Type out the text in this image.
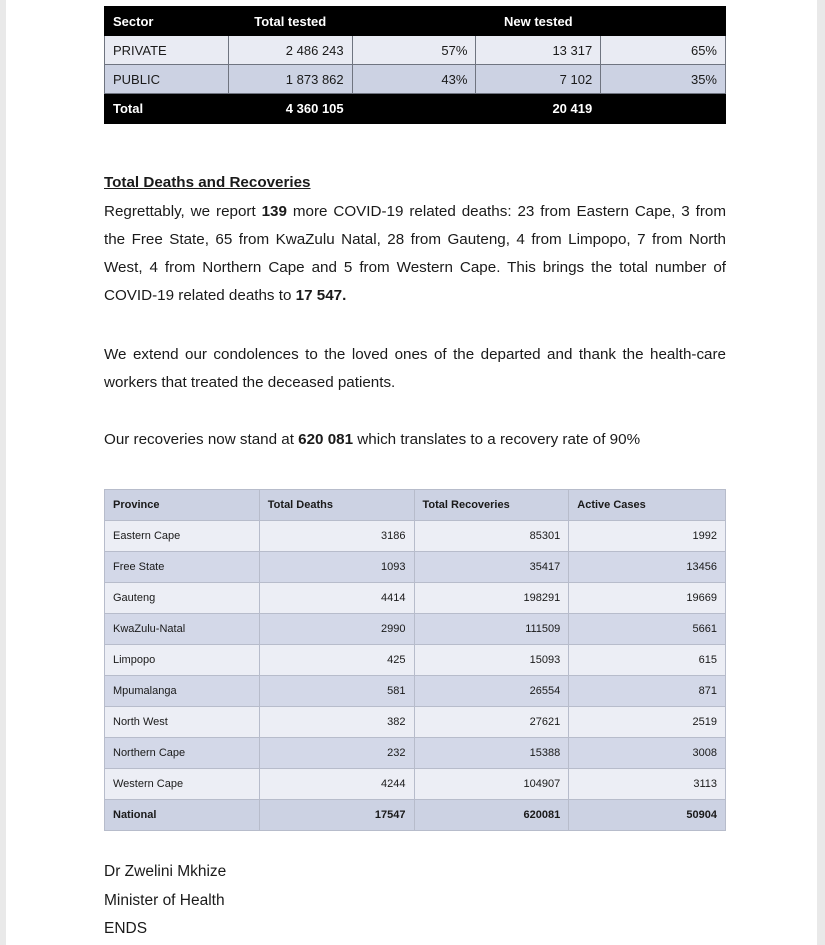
Sector	Total tested		New tested	
PRIVATE	2 486 243	57%	13 317	65%
PUBLIC	1 873 862	43%	7 102	35%
Total	4 360 105		20 419	
Total Deaths and Recoveries
Regrettably, we report 139 more COVID-19 related deaths: 23 from Eastern Cape, 3 from the Free State, 65 from KwaZulu Natal, 28 from Gauteng, 4 from Limpopo, 7 from North West, 4 from Northern Cape and 5 from Western Cape. This brings the total number of COVID-19 related deaths to 17 547.
We extend our condolences to the loved ones of the departed and thank the health-care workers that treated the deceased patients.
Our recoveries now stand at 620 081 which translates to a recovery rate of 90%
Province	Total Deaths	Total Recoveries	Active Cases
Eastern Cape	3186	85301	1992
Free State	1093	35417	13456
Gauteng	4414	198291	19669
KwaZulu-Natal	2990	111509	5661
Limpopo	425	15093	615
Mpumalanga	581	26554	871
North West	382	27621	2519
Northern Cape	232	15388	3008
Western Cape	4244	104907	3113
National	17547	620081	50904
Dr Zwelini Mkhize
Minister of Health
ENDS
